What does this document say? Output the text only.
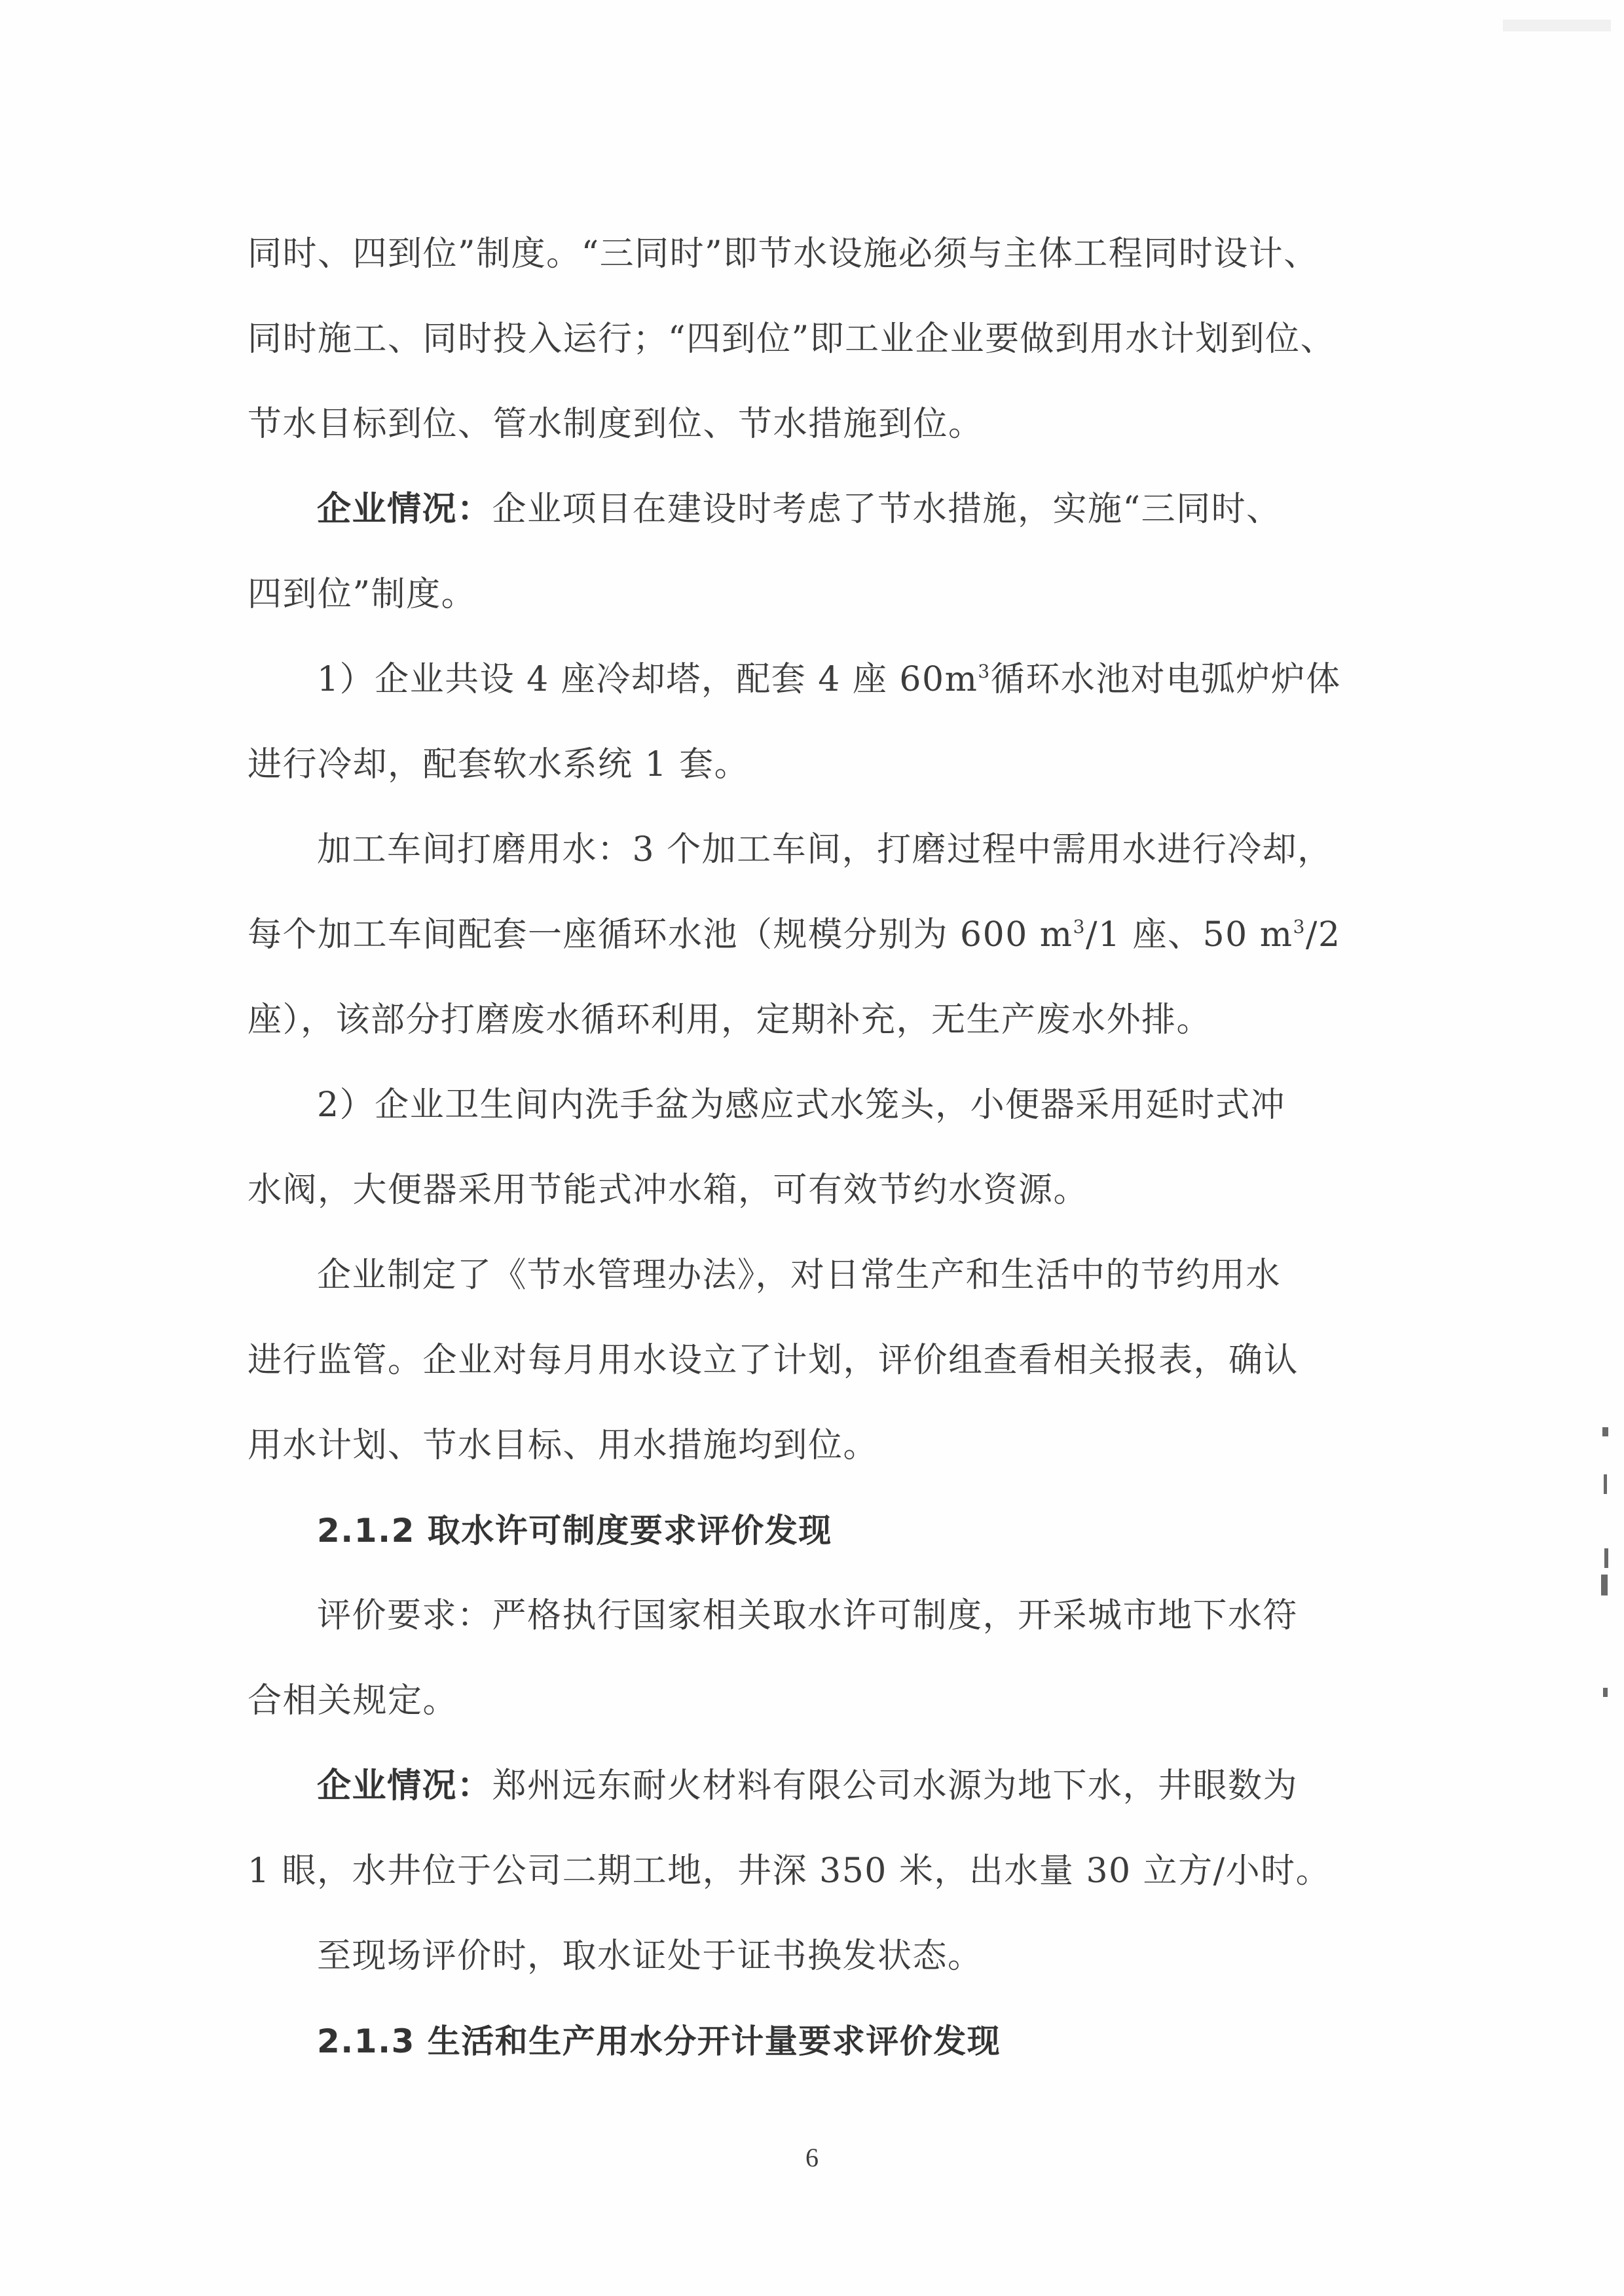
同时、四到位”制度。“三同时”即节水设施必须与主体工程同时设计、
同时施工、同时投入运行；“四到位”即工业企业要做到用水计划到位、
节水目标到位、管水制度到位、节水措施到位。
企业情况：企业项目在建设时考虑了节水措施，实施“三同时、
四到位”制度。
1）企业共设 4 座冷却塔，配套 4 座 $60m^3$循环水池对电弧炉炉体
进行冷却，配套软水系统 1 套。
加工车间打磨用水：3 个加工车间，打磨过程中需用水进行冷却，
每个加工车间配套一座循环水池（规模分别为 600 $m^3/1$ 座、50 $m^3/2$
座），该部分打磨废水循环利用，定期补充，无生产废水外排。
2）企业卫生间内洗手盆为感应式水笼头，小便器采用延时式冲
水阀，大便器采用节能式冲水箱，可有效节约水资源。
企业制定了《节水管理办法》，对日常生产和生活中的节约用水
进行监管。企业对每月用水设立了计划，评价组查看相关报表，确认
用水计划、节水目标、用水措施均到位。
2.1.2 取水许可制度要求评价发现
评价要求：严格执行国家相关取水许可制度，开采城市地下水符
合相关规定。
企业情况：郑州远东耐火材料有限公司水源为地下水，井眼数为
1 眼，水井位于公司二期工地，井深 350 米，出水量 30 立方/小时。
至现场评价时，取水证处于证书换发状态。
2.1.3 生活和生产用水分开计量要求评价发现
6
